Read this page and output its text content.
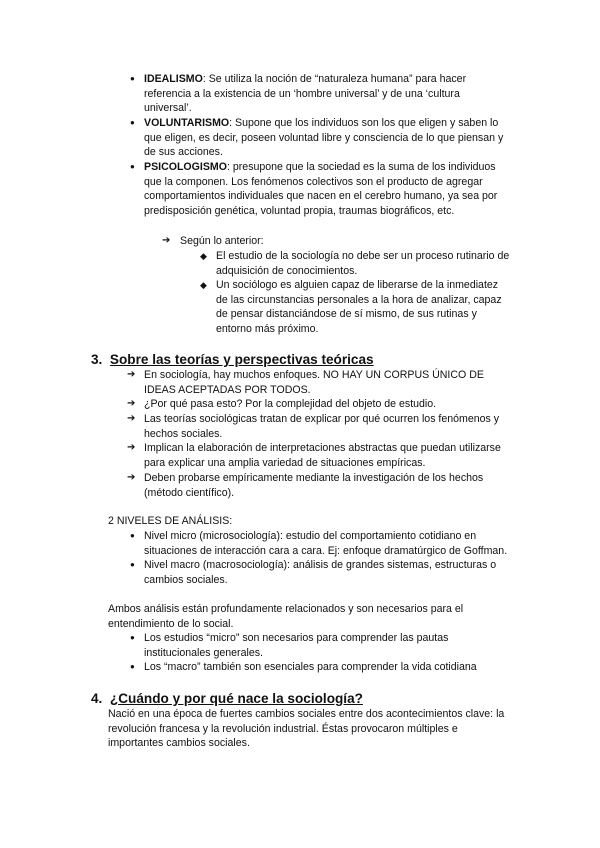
● IDEALISMO: Se utiliza la noción de “naturaleza humana” para hacer
referencia a la existencia de un ‘hombre universal’ y de una ‘cultura
universal’.
● VOLUNTARISMO: Supone que los individuos son los que eligen y saben lo
que eligen, es decir, poseen voluntad libre y consciencia de lo que piensan y
de sus acciones.
● PSICOLOGISMO: presupone que la sociedad es la suma de los individuos
que la componen. Los fenómenos colectivos son el producto de agregar
comportamientos individuales que nacen en el cerebro humano, ya sea por
predisposición genética, voluntad propia, traumas biográficos, etc.
➔ Según lo anterior:
◆ El estudio de la sociología no debe ser un proceso rutinario de
adquisición de conocimientos.
◆ Un sociólogo es alguien capaz de liberarse de la inmediatez
de las circunstancias personales a la hora de analizar, capaz
de pensar distanciándose de sí mismo, de sus rutinas y
entorno más próximo.
3. Sobre las teorías y perspectivas teóricas
➔ En sociología, hay muchos enfoques. NO HAY UN CORPUS ÚNICO DE
IDEAS ACEPTADAS POR TODOS.
➔ ¿Por qué pasa esto? Por la complejidad del objeto de estudio.
➔ Las teorías sociológicas tratan de explicar por qué ocurren los fenómenos y
hechos sociales.
➔ Implican la elaboración de interpretaciones abstractas que puedan utilizarse
para explicar una amplia variedad de situaciones empíricas.
➔ Deben probarse empíricamente mediante la investigación de los hechos
(método científico).
2 NIVELES DE ANÁLISIS:
● Nivel micro (microsociología): estudio del comportamiento cotidiano en
situaciones de interacción cara a cara. Ej: enfoque dramatúrgico de Goffman.
● Nivel macro (macrosociología): análisis de grandes sistemas, estructuras o
cambios sociales.
Ambos análisis están profundamente relacionados y son necesarios para el
entendimiento de lo social.
● Los estudios “micro” son necesarios para comprender las pautas
institucionales generales.
● Los “macro” también son esenciales para comprender la vida cotidiana
4. ¿Cuándo y por qué nace la sociología?
Nació en una época de fuertes cambios sociales entre dos acontecimientos clave: la
revolución francesa y la revolución industrial. Éstas provocaron múltiples e
importantes cambios sociales.
